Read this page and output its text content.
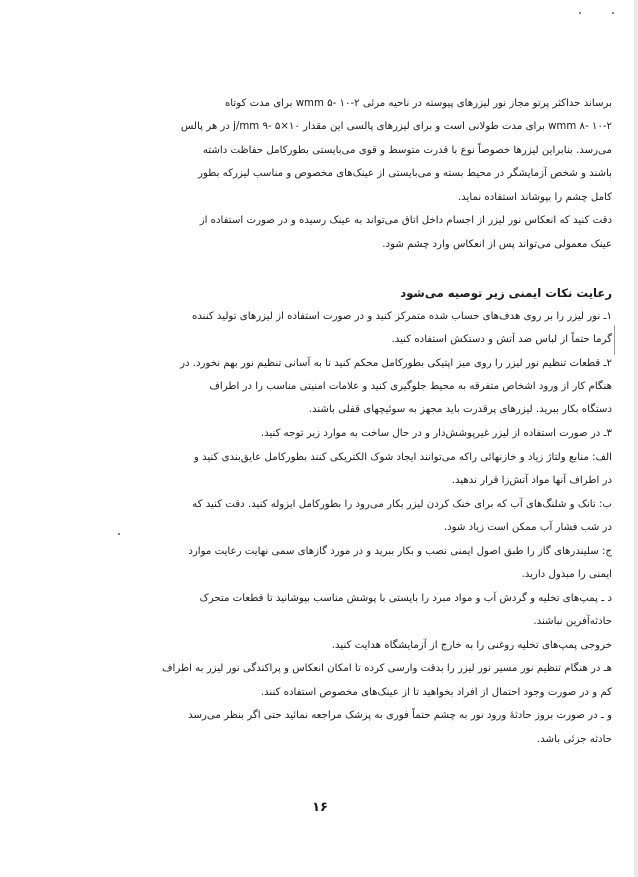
برساند حداکثر پرتو مجاز نور لیزرهای پیوسته در ناحیه مرئی ۲-wmm ۵- ۱۰ برای مدت کوتاه
۲-wmm ۸- ۱۰ برای مدت طولانی است و برای لیزرهای پالسی این مقدار j/mm ۹- ۵×۱۰ در هر پالس
می‌رسد. بنابراین لیزرها خصوصاً نوع با قدرت متوسط و قوی می‌بایستی بطورکامل حفاظت داشته
باشند و شخص آزمایشگر در محیط بسته و می‌بایستی از عینک‌های مخصوص و مناسب لیزرکه بطور
کامل چشم را بپوشاند استفاده نماید.
دقت کنید که انعکاس نور لیزر از اجسام داخل اتاق می‌تواند به عینک رسیده و در صورت استفاده از
عینک معمولی می‌تواند پس از انعکاس وارد چشم شود.
رعایت نکات ایمنی زیر توصیه می‌شود
۱ـ نور لیزر را بر روی هدف‌های حساب شده متمرکز کنید و در صورت استفاده از لیزرهای تولید کننده
گرما حتماً از لباس ضد آتش و دستکش استفاده کنید.
۲ـ قطعات تنظیم نور لیزر را روی میز اپتیکی بطورکامل محکم کنید تا به آسانی تنظیم نور بهم نخورد. در
هنگام کار از ورود اشخاص متفرقه به محیط جلوگیری کنید و علامات امنیتی مناسب را در اطراف
دستگاه بکار ببرید. لیزرهای پرقدرت باید مجهز به سوئیچهای قفلی باشند.
۳ـ در صورت استفاده از لیزر غیرپوشش‌دار و در حال ساخت به موارد زیر توجه کنید.
الف: منابع ولتاژ زیاد و خازنهائی راکه می‌توانند ایجاد شوک الکتریکی کنند بطورکامل عایق‌بندی کنید و
در اطراف آنها مواد آتش‌زا قرار ندهید.
ب: تانک و شلنگ‌های آب که برای خنک کردن لیزر بکار می‌رود را بطورکامل ایزوله کنید. دقت کنید که
در شب فشار آب ممکن است زیاد شود.
ج: سلیندرهای گاز را طبق اصول ایمنی نصب و بکار ببرید و در مورد گازهای سمی نهایت رعایت موارد
ایمنی را مبذول دارید.
د ـ پمپ‌های تخلیه و گردش آب و مواد مبرد را بایستی با پوشش مناسب بپوشانید تا قطعات متحرک
حادثه‌آفرین نباشند.
خروجی پمپ‌های تخلیه روغنی را به خارج از آزمایشگاه هدایت کنید.
هـ در هنگام تنظیم نور مسیر نور لیزر را بدقت وارسی کرده تا امکان انعکاس و پراکندگی نور لیزر به اطراف
کم و در صورت وجود احتمال از افراد بخواهید تا از عینک‌های مخصوص استفاده کنند.
و ـ در صورت بروز حادثهٔ ورود نور به چشم حتماً فوری به پزشک مراجعه نمائید حتی اگر بنظر می‌رسد
حادثه جزئی باشد.
۱۶
